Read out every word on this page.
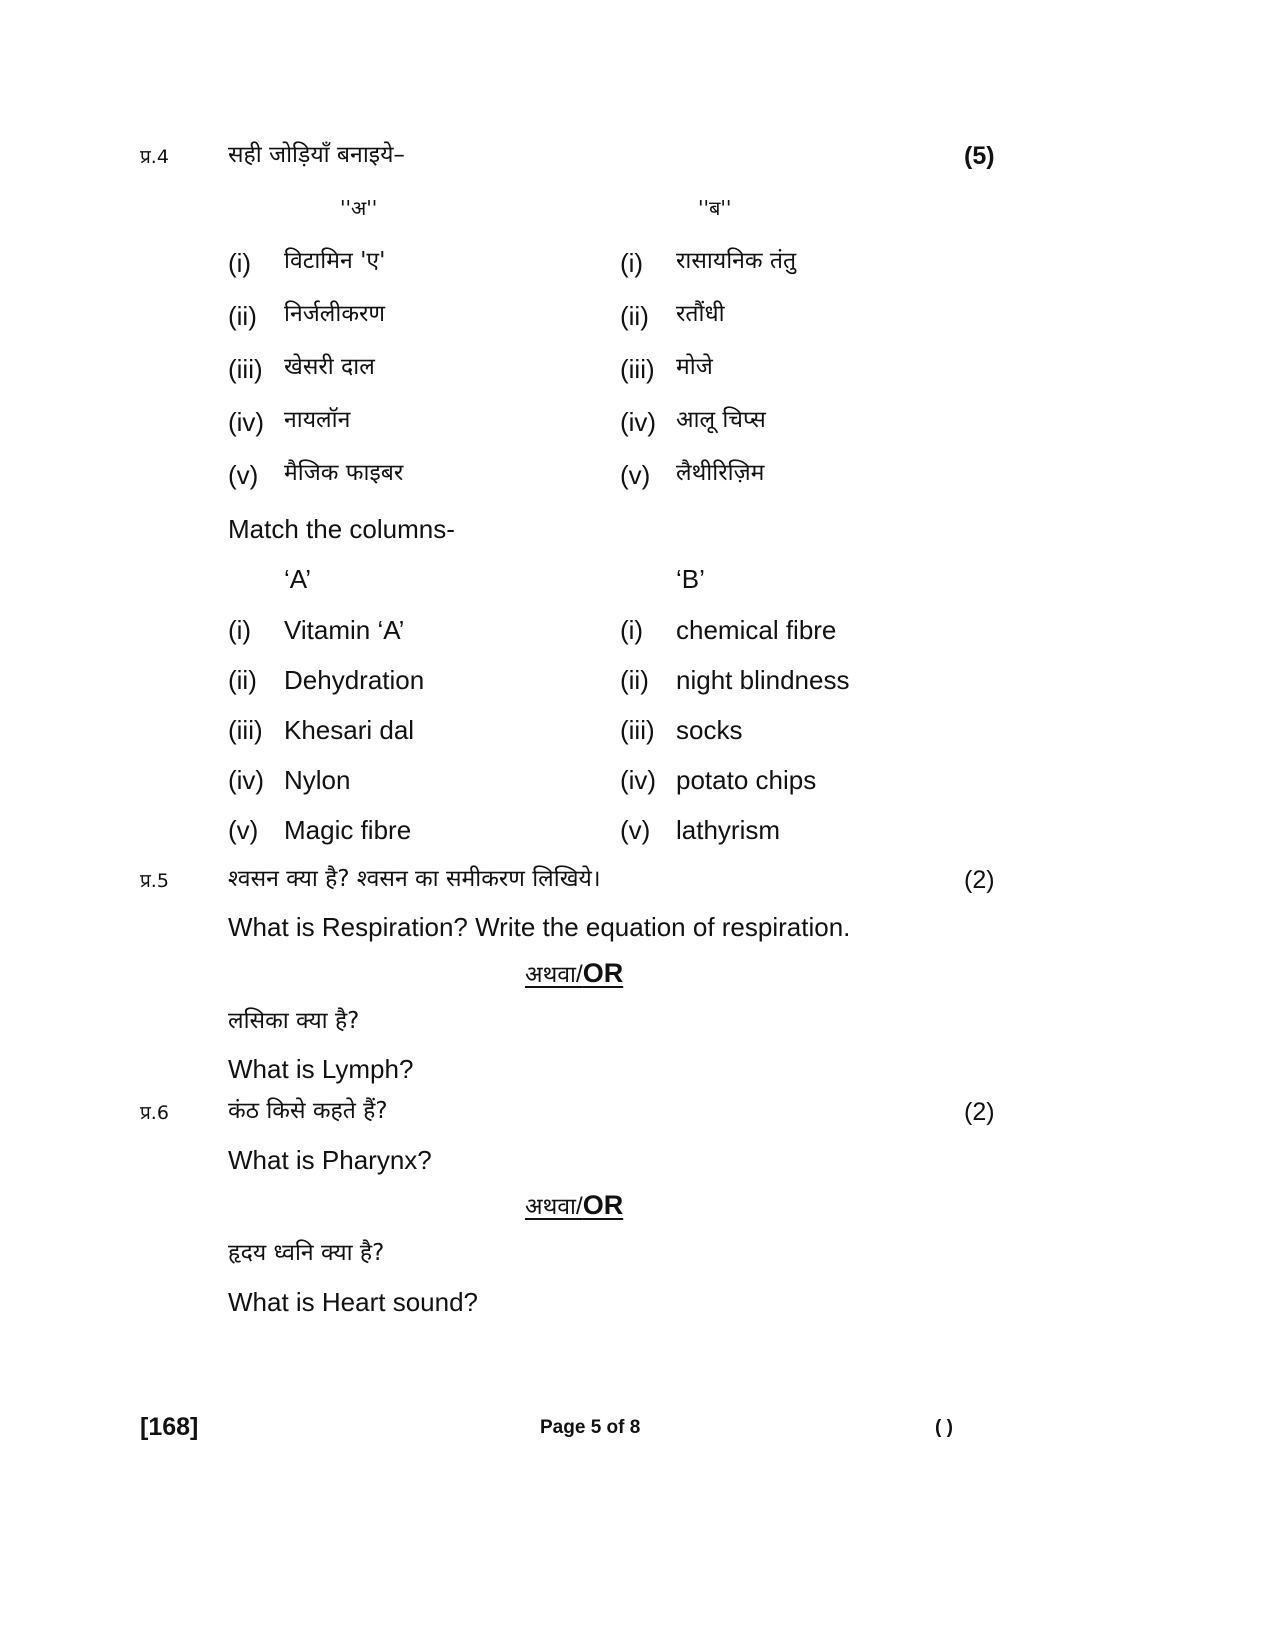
प्र.4	सही जोड़ियाँ बनाइये–	(5)
''अ''	''ब''
(i) विटामिन 'ए'	(i) रासायनिक तंतु
(ii) निर्जलीकरण	(ii) रतौंधी
(iii) खेसरी दाल	(iii) मोजे
(iv) नायलॉन	(iv) आलू चिप्स
(v) मैजिक फाइबर	(v) लैथीरिज़िम
Match the columns-
‘A’	‘B’
(i) Vitamin ‘A’	(i) chemical fibre
(ii) Dehydration	(ii) night blindness
(iii) Khesari dal	(iii) socks
(iv) Nylon	(iv) potato chips
(v) Magic fibre	(v) lathyrism
प्र.5	श्वसन क्या है? श्वसन का समीकरण लिखिये।	(2)
What is Respiration? Write the equation of respiration.
अथवा/OR
लसिका क्या है?
What is Lymph?
प्र.6	कंठ किसे कहते हैं?	(2)
What is Pharynx?
अथवा/OR
हृदय ध्वनि क्या है?
What is Heart sound?
[168]	Page 5 of 8	( )
